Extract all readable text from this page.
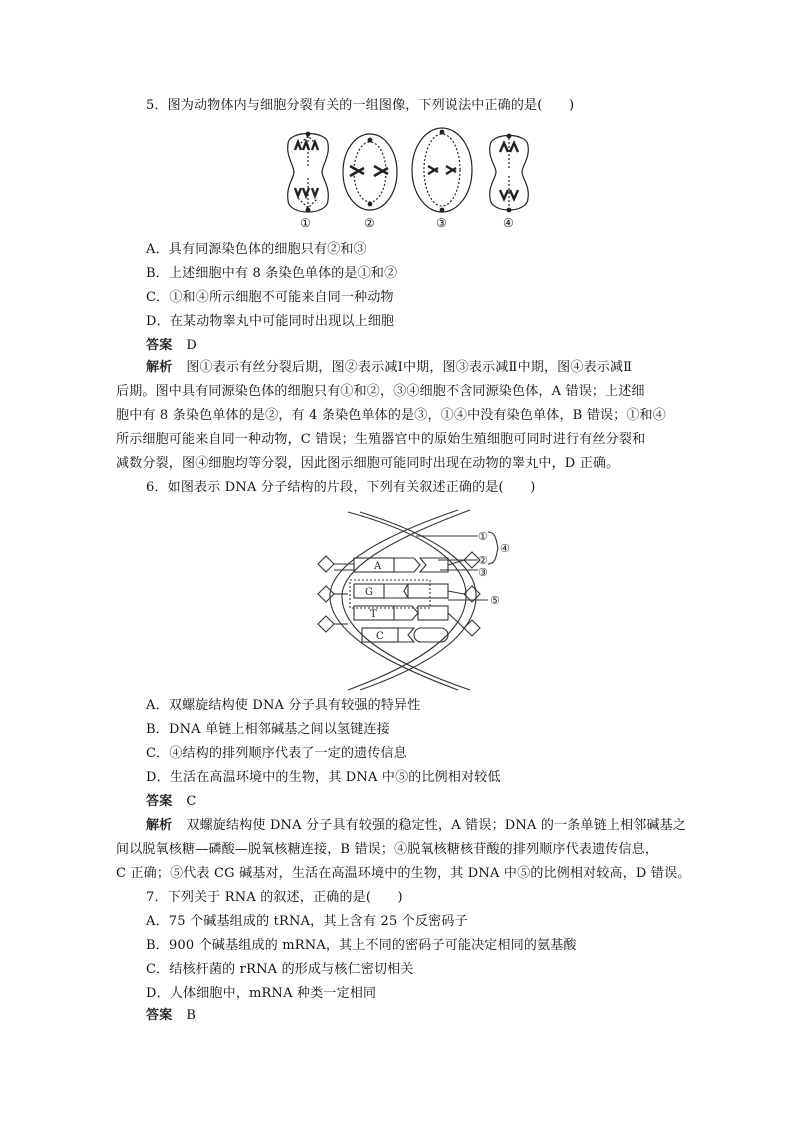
5．图为动物体内与细胞分裂有关的一组图像，下列说法中正确的是(　　)
①	②	③	④
A．具有同源染色体的细胞只有②和③
B．上述细胞中有 8 条染色单体的是①和②
C．①和④所示细胞不可能来自同一种动物
D．在某动物睾丸中可能同时出现以上细胞
答案 D
解析 图①表示有丝分裂后期，图②表示减Ⅰ中期，图③表示减Ⅱ中期，图④表示减Ⅱ
后期。图中具有同源染色体的细胞只有①和②，③④细胞不含同源染色体，A 错误；上述细
胞中有 8 条染色单体的是②，有 4 条染色单体的是③，①④中没有染色单体，B 错误；①和④
所示细胞可能来自同一种动物，C 错误；生殖器官中的原始生殖细胞可同时进行有丝分裂和
减数分裂，图④细胞均等分裂，因此图示细胞可能同时出现在动物的睾丸中，D 正确。
6．如图表示 DNA 分子结构的片段，下列有关叙述正确的是(　　)
A
G
T
C
①
②
③
④
⑤
A．双螺旋结构使 DNA 分子具有较强的特异性
B．DNA 单链上相邻碱基之间以氢键连接
C．④结构的排列顺序代表了一定的遗传信息
D．生活在高温环境中的生物，其 DNA 中⑤的比例相对较低
答案 C
解析 双螺旋结构使 DNA 分子具有较强的稳定性，A 错误；DNA 的一条单链上相邻碱基之
间以脱氧核糖—磷酸—脱氧核糖连接，B 错误；④脱氧核糖核苷酸的排列顺序代表遗传信息，
C 正确；⑤代表 CG 碱基对，生活在高温环境中的生物，其 DNA 中⑤的比例相对较高，D 错误。
7．下列关于 RNA 的叙述，正确的是(　　)
A．75 个碱基组成的 tRNA，其上含有 25 个反密码子
B．900 个碱基组成的 mRNA，其上不同的密码子可能决定相同的氨基酸
C．结核杆菌的 rRNA 的形成与核仁密切相关
D．人体细胞中，mRNA 种类一定相同
答案 B
